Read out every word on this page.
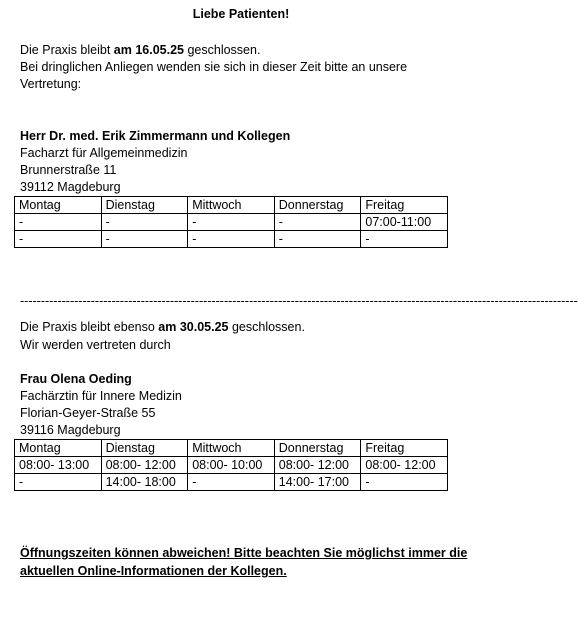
Liebe Patienten!
Die Praxis bleibt am 16.05.25 geschlossen.
Bei dringlichen Anliegen wenden sie sich in dieser Zeit bitte an unsere
Vertretung:
Herr Dr. med. Erik Zimmermann und Kollegen
Facharzt für Allgemeinmedizin
Brunnerstraße 11
39112 Magdeburg
Montag	Dienstag	Mittwoch	Donnerstag	Freitag
-	-	-	-	07:00-11:00
-	-	-	-	-
--------------------------------------------------------------------------------------------------------------------------------------
Die Praxis bleibt ebenso am 30.05.25 geschlossen.
Wir werden vertreten durch
Frau Olena Oeding
Fachärztin für Innere Medizin
Florian-Geyer-Straße 55
39116 Magdeburg
Montag	Dienstag	Mittwoch	Donnerstag	Freitag
08:00- 13:00	08:00- 12:00	08:00- 10:00	08:00- 12:00	08:00- 12:00
-	14:00- 18:00	-	14:00- 17:00	-
Öffnungszeiten können abweichen! Bitte beachten Sie möglichst immer die
aktuellen Online-Informationen der Kollegen.
